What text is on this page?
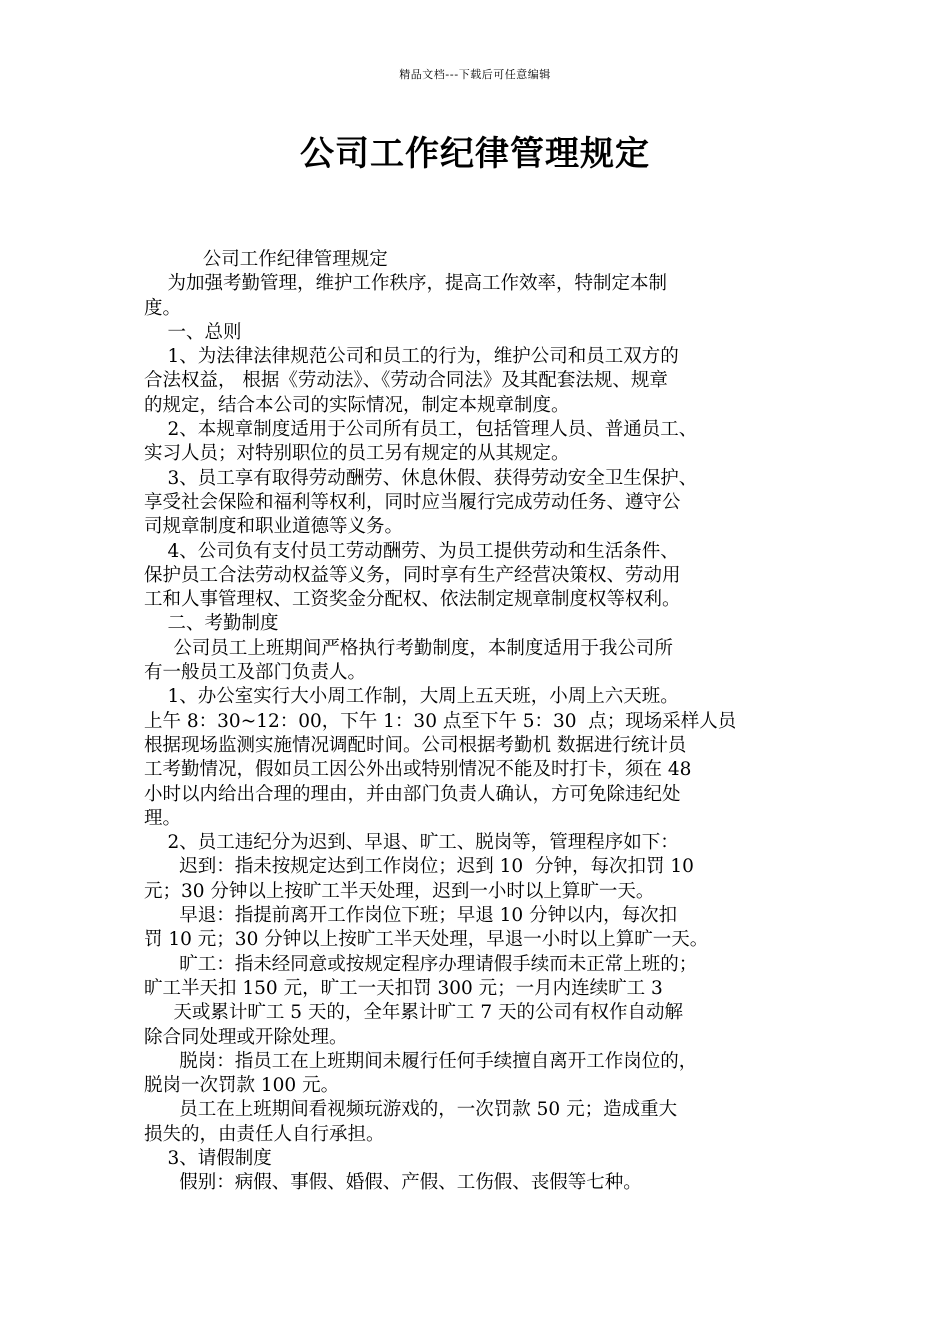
精品文档---下载后可任意编辑
公司工作纪律管理规定
公司工作纪律管理规定
为加强考勤管理，维护工作秩序，提高工作效率，特制定本制
度。
一、总则
1、为法律法律规范公司和员工的行为，维护公司和员工双方的
合法权益， 根据《劳动法》、《劳动合同法》及其配套法规、规章
的规定，结合本公司的实际情况，制定本规章制度。
2、本规章制度适用于公司所有员工，包括管理人员、普通员工、
实习人员；对特别职位的员工另有规定的从其规定。
3、员工享有取得劳动酬劳、休息休假、获得劳动安全卫生保护、
享受社会保险和福利等权利，同时应当履行完成劳动任务、遵守公
司规章制度和职业道德等义务。
4、公司负有支付员工劳动酬劳、为员工提供劳动和生活条件、
保护员工合法劳动权益等义务，同时享有生产经营决策权、劳动用
工和人事管理权、工资奖金分配权、依法制定规章制度权等权利。
二、考勤制度
公司员工上班期间严格执行考勤制度，本制度适用于我公司所
有一般员工及部门负责人。
1、办公室实行大小周工作制，大周上五天班，小周上六天班。
上午 8：30~12：00，下午 1：30 点至下午 5：30  点；现场采样人员
根据现场监测实施情况调配时间。公司根据考勤机 数据进行统计员
工考勤情况，假如员工因公外出或特别情况不能及时打卡，须在 48
小时以内给出合理的理由，并由部门负责人确认，方可免除违纪处
理。
2、员工违纪分为迟到、早退、旷工、脱岗等，管理程序如下：
迟到：指未按规定达到工作岗位；迟到 10  分钟，每次扣罚 10
元；30 分钟以上按旷工半天处理，迟到一小时以上算旷一天。
早退：指提前离开工作岗位下班；早退 10 分钟以内，每次扣
罚 10 元；30 分钟以上按旷工半天处理，早退一小时以上算旷一天。
旷工：指未经同意或按规定程序办理请假手续而未正常上班的；
旷工半天扣 150 元，旷工一天扣罚 300 元；一月内连续旷工 3
天或累计旷工 5 天的，全年累计旷工 7 天的公司有权作自动解
除合同处理或开除处理。
脱岗：指员工在上班期间未履行任何手续擅自离开工作岗位的，
脱岗一次罚款 100 元。
员工在上班期间看视频玩游戏的，一次罚款 50 元；造成重大
损失的，由责任人自行承担。
3、请假制度
假别：病假、事假、婚假、产假、工伤假、丧假等七种。
